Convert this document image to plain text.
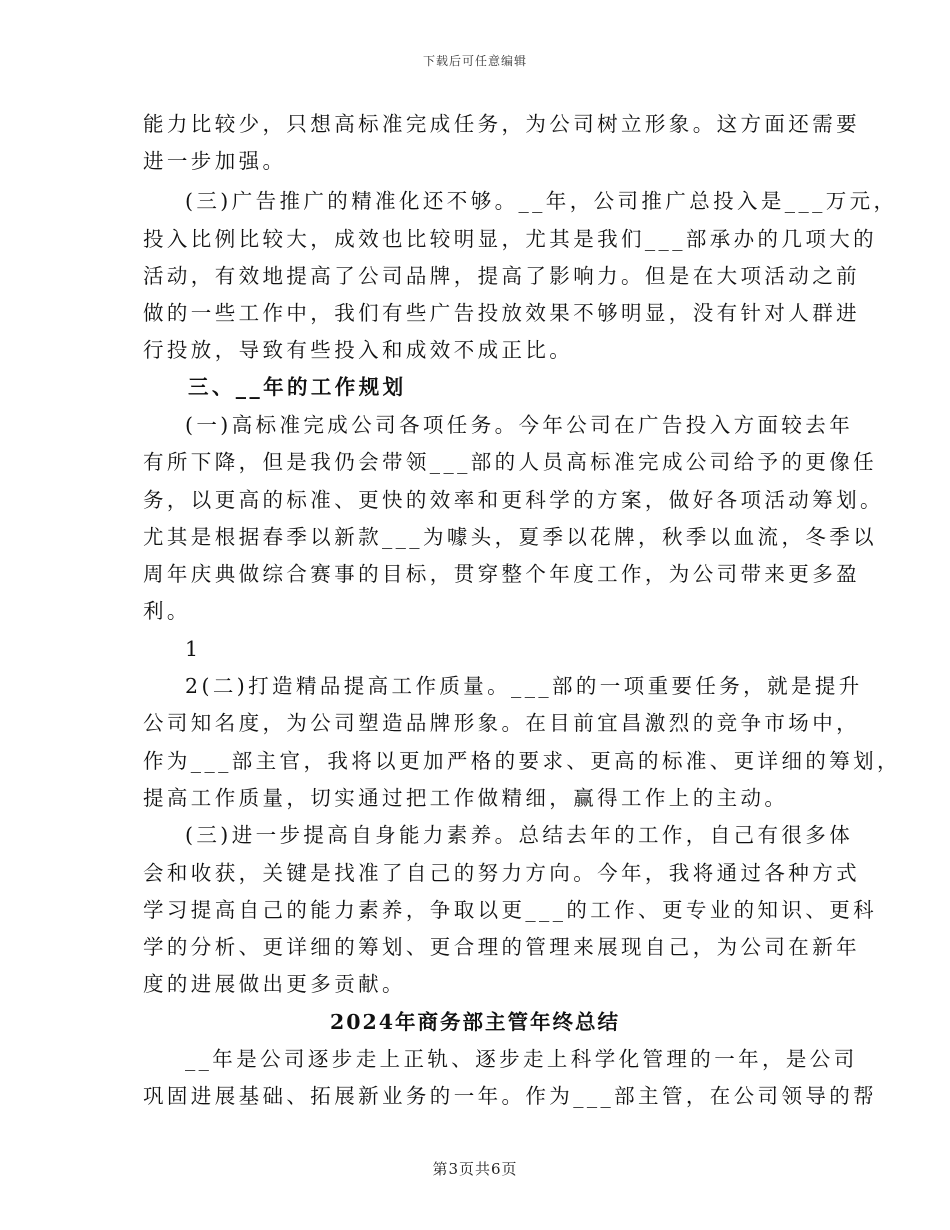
下载后可任意编辑
能力比较少，只想高标准完成任务，为公司树立形象。这方面还需要
进一步加强。
(三)广告推广的精准化还不够。__年，公司推广总投入是___万元，
投入比例比较大，成效也比较明显，尤其是我们___部承办的几项大的
活动，有效地提高了公司品牌，提高了影响力。但是在大项活动之前
做的一些工作中，我们有些广告投放效果不够明显，没有针对人群进
行投放，导致有些投入和成效不成正比。
三、__年的工作规划
(一)高标准完成公司各项任务。今年公司在广告投入方面较去年
有所下降，但是我仍会带领___部的人员高标准完成公司给予的更像任
务，以更高的标准、更快的效率和更科学的方案，做好各项活动筹划。
尤其是根据春季以新款___为噱头，夏季以花牌，秋季以血流，冬季以
周年庆典做综合赛事的目标，贯穿整个年度工作，为公司带来更多盈
利。
1
2(二)打造精品提高工作质量。___部的一项重要任务，就是提升
公司知名度，为公司塑造品牌形象。在目前宜昌激烈的竞争市场中，
作为___部主官，我将以更加严格的要求、更高的标准、更详细的筹划，
提高工作质量，切实通过把工作做精细，赢得工作上的主动。
(三)进一步提高自身能力素养。总结去年的工作，自己有很多体
会和收获，关键是找准了自己的努力方向。今年，我将通过各种方式
学习提高自己的能力素养，争取以更___的工作、更专业的知识、更科
学的分析、更详细的筹划、更合理的管理来展现自己，为公司在新年
度的进展做出更多贡献。
2024年商务部主管年终总结
__年是公司逐步走上正轨、逐步走上科学化管理的一年，是公司
巩固进展基础、拓展新业务的一年。作为___部主管，在公司领导的帮
第3页共6页
